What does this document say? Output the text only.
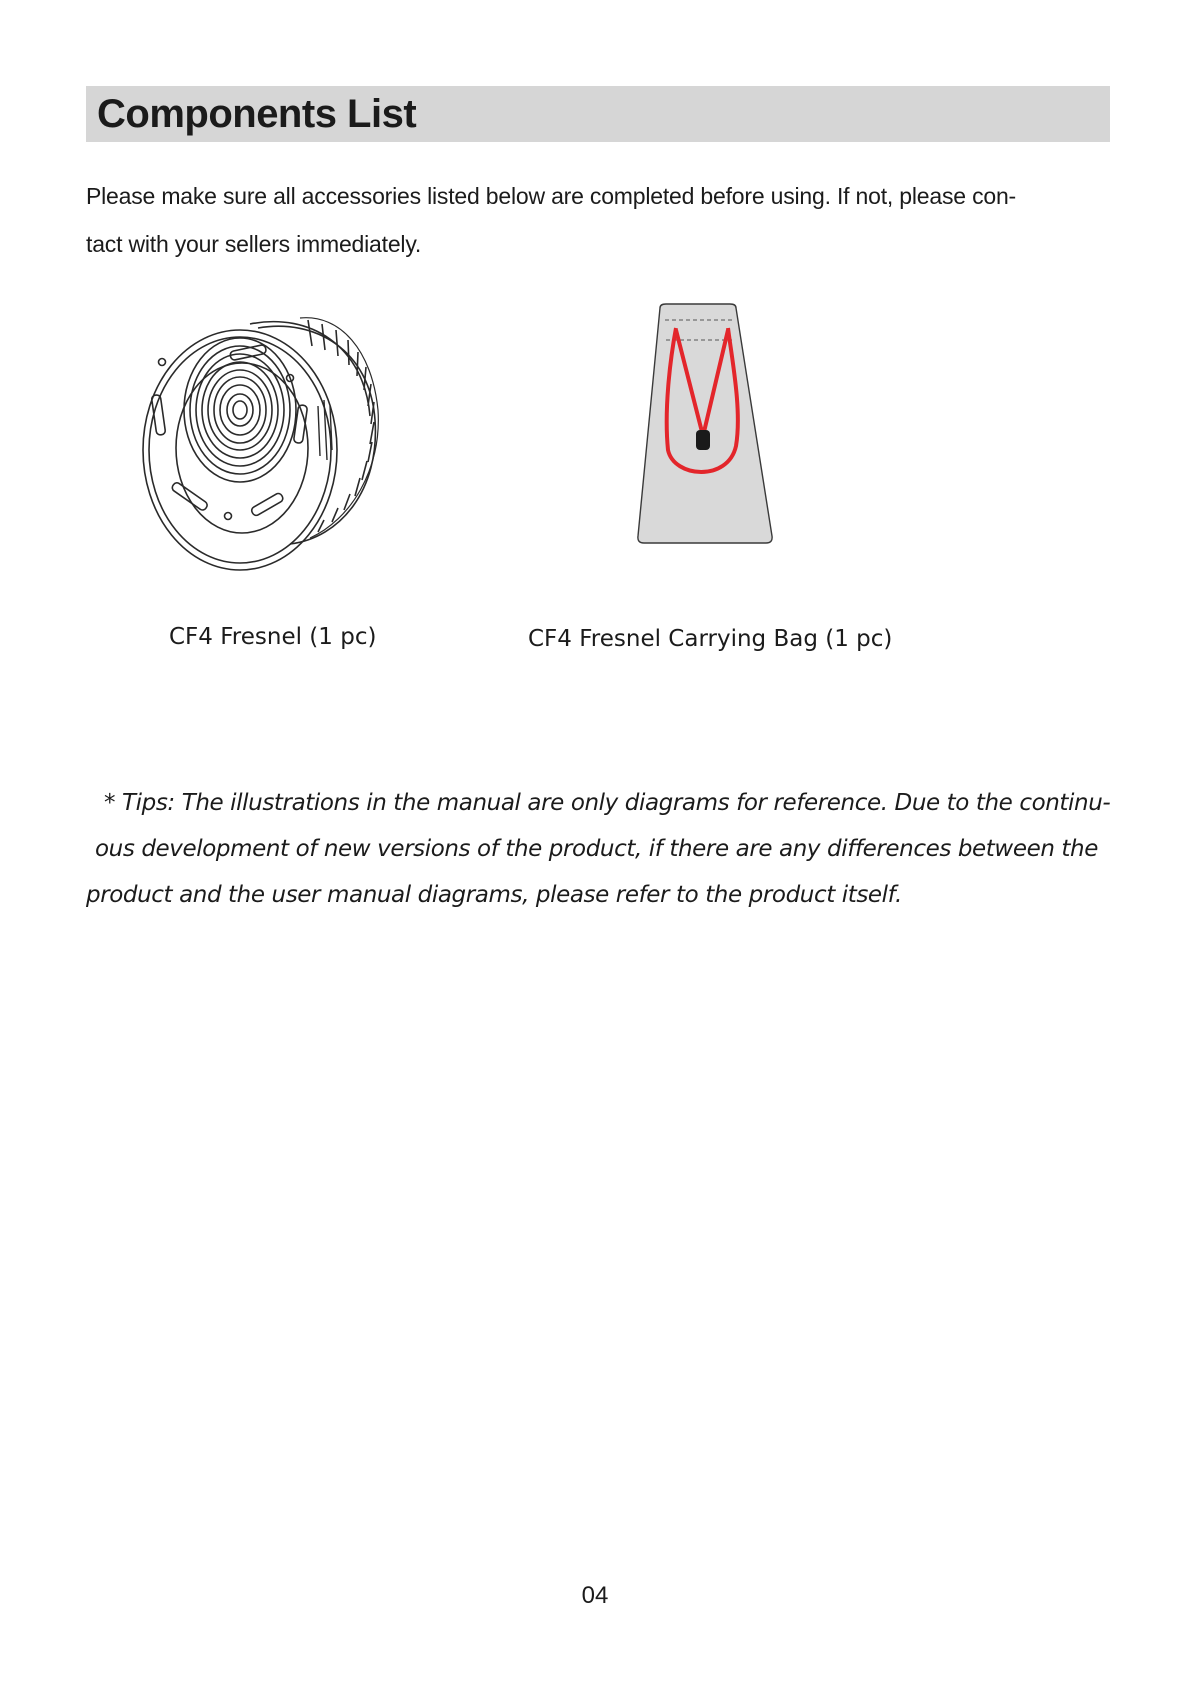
Components List

Please make sure all accessories listed below are completed before using. If not, please con-
tact with your sellers immediately.

CF4 Fresnel (1 pc)	CF4 Fresnel Carrying Bag (1 pc)

* Tips: The illustrations in the manual are only diagrams for reference. Due to the continu-
ous development of new versions of the product, if there are any differences between the
product and the user manual diagrams, please refer to the product itself.

04
